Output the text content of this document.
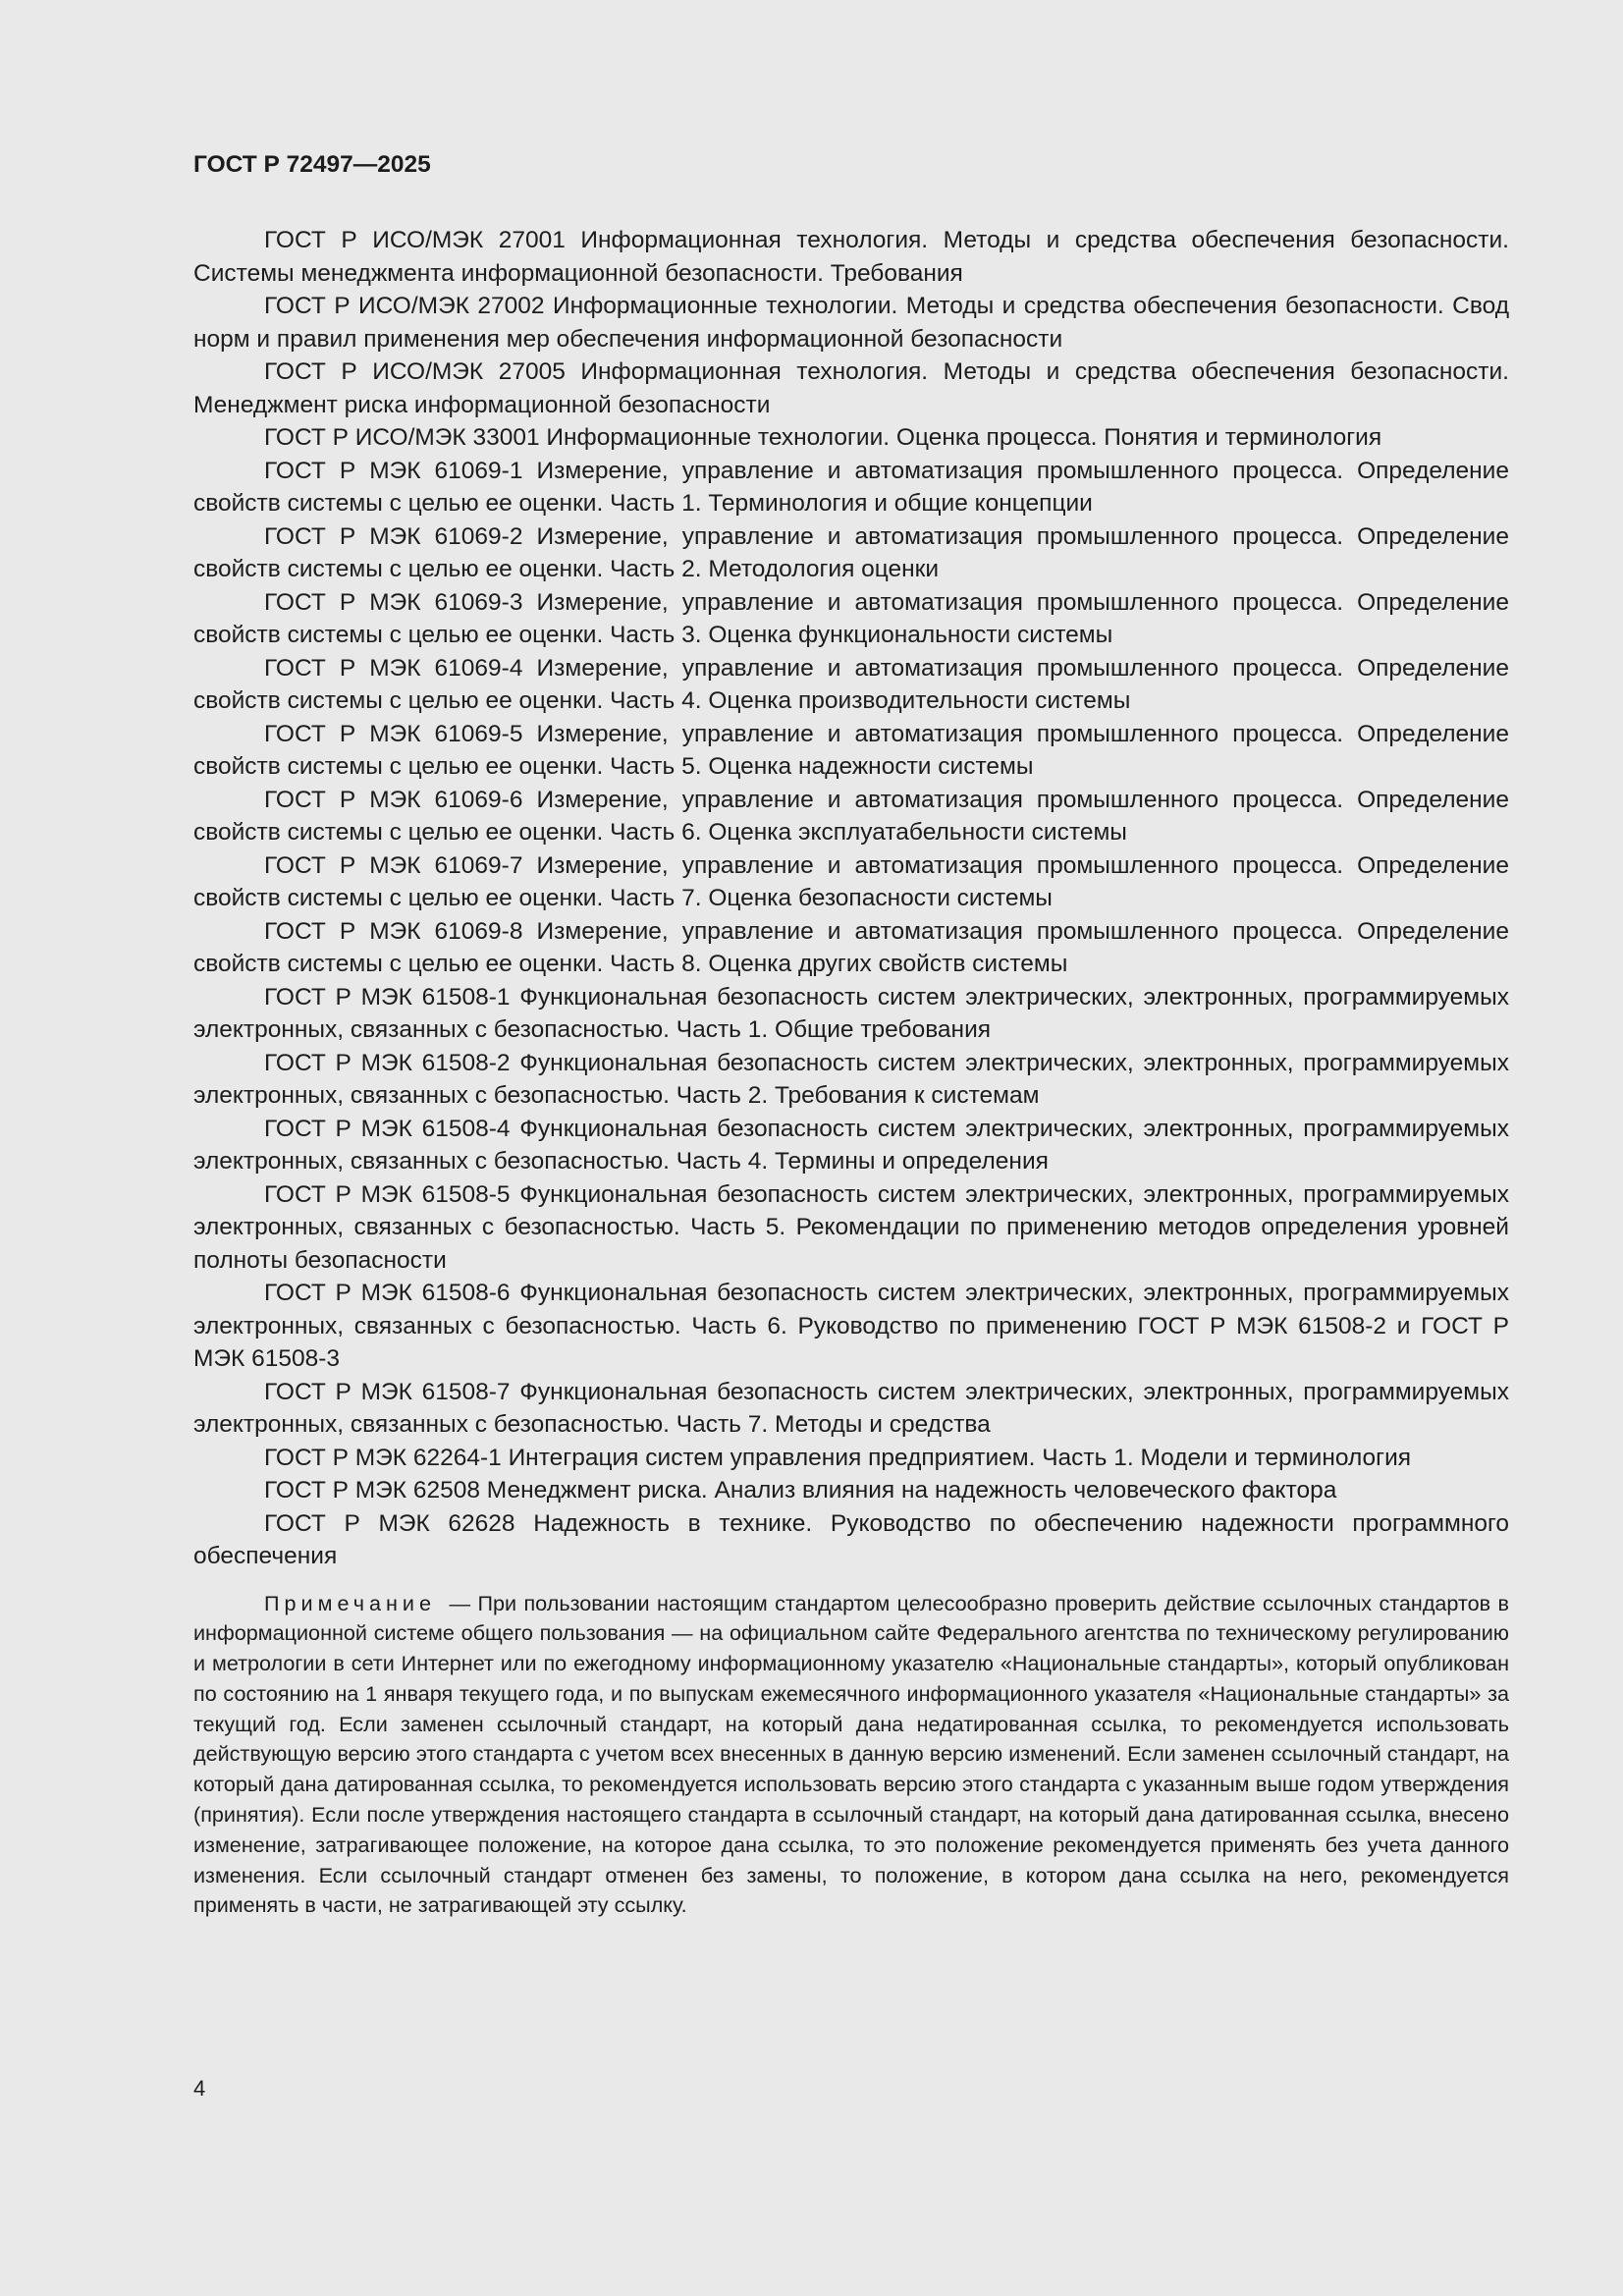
ГОСТ Р 72497—2025

ГОСТ Р ИСО/МЭК 27001 Информационная технология. Методы и средства обеспечения безопасности. Системы менеджмента информационной безопасности. Требования

ГОСТ Р ИСО/МЭК 27002 Информационные технологии. Методы и средства обеспечения безопасности. Свод норм и правил применения мер обеспечения информационной безопасности

ГОСТ Р ИСО/МЭК 27005 Информационная технология. Методы и средства обеспечения безопасности. Менеджмент риска информационной безопасности

ГОСТ Р ИСО/МЭК 33001 Информационные технологии. Оценка процесса. Понятия и терминология

ГОСТ Р МЭК 61069-1 Измерение, управление и автоматизация промышленного процесса. Определение свойств системы с целью ее оценки. Часть 1. Терминология и общие концепции

ГОСТ Р МЭК 61069-2 Измерение, управление и автоматизация промышленного процесса. Определение свойств системы с целью ее оценки. Часть 2. Методология оценки

ГОСТ Р МЭК 61069-3 Измерение, управление и автоматизация промышленного процесса. Определение свойств системы с целью ее оценки. Часть 3. Оценка функциональности системы

ГОСТ Р МЭК 61069-4 Измерение, управление и автоматизация промышленного процесса. Определение свойств системы с целью ее оценки. Часть 4. Оценка производительности системы

ГОСТ Р МЭК 61069-5 Измерение, управление и автоматизация промышленного процесса. Определение свойств системы с целью ее оценки. Часть 5. Оценка надежности системы

ГОСТ Р МЭК 61069-6 Измерение, управление и автоматизация промышленного процесса. Определение свойств системы с целью ее оценки. Часть 6. Оценка эксплуатабельности системы

ГОСТ Р МЭК 61069-7 Измерение, управление и автоматизация промышленного процесса. Определение свойств системы с целью ее оценки. Часть 7. Оценка безопасности системы

ГОСТ Р МЭК 61069-8 Измерение, управление и автоматизация промышленного процесса. Определение свойств системы с целью ее оценки. Часть 8. Оценка других свойств системы

ГОСТ Р МЭК 61508-1 Функциональная безопасность систем электрических, электронных, программируемых электронных, связанных с безопасностью. Часть 1. Общие требования

ГОСТ Р МЭК 61508-2 Функциональная безопасность систем электрических, электронных, программируемых электронных, связанных с безопасностью. Часть 2. Требования к системам

ГОСТ Р МЭК 61508-4 Функциональная безопасность систем электрических, электронных, программируемых электронных, связанных с безопасностью. Часть 4. Термины и определения

ГОСТ Р МЭК 61508-5 Функциональная безопасность систем электрических, электронных, программируемых электронных, связанных с безопасностью. Часть 5. Рекомендации по применению методов определения уровней полноты безопасности

ГОСТ Р МЭК 61508-6 Функциональная безопасность систем электрических, электронных, программируемых электронных, связанных с безопасностью. Часть 6. Руководство по применению ГОСТ Р МЭК 61508-2 и ГОСТ Р МЭК 61508-3

ГОСТ Р МЭК 61508-7 Функциональная безопасность систем электрических, электронных, программируемых электронных, связанных с безопасностью. Часть 7. Методы и средства

ГОСТ Р МЭК 62264-1 Интеграция систем управления предприятием. Часть 1. Модели и терминология

ГОСТ Р МЭК 62508 Менеджмент риска. Анализ влияния на надежность человеческого фактора

ГОСТ Р МЭК 62628 Надежность в технике. Руководство по обеспечению надежности программного обеспечения

Примечание — При пользовании настоящим стандартом целесообразно проверить действие ссылочных стандартов в информационной системе общего пользования — на официальном сайте Федерального агентства по техническому регулированию и метрологии в сети Интернет или по ежегодному информационному указателю «Национальные стандарты», который опубликован по состоянию на 1 января текущего года, и по выпускам ежемесячного информационного указателя «Национальные стандарты» за текущий год. Если заменен ссылочный стандарт, на который дана недатированная ссылка, то рекомендуется использовать действующую версию этого стандарта с учетом всех внесенных в данную версию изменений. Если заменен ссылочный стандарт, на который дана датированная ссылка, то рекомендуется использовать версию этого стандарта с указанным выше годом утверждения (принятия). Если после утверждения настоящего стандарта в ссылочный стандарт, на который дана датированная ссылка, внесено изменение, затрагивающее положение, на которое дана ссылка, то это положение рекомендуется применять без учета данного изменения. Если ссылочный стандарт отменен без замены, то положение, в котором дана ссылка на него, рекомендуется применять в части, не затрагивающей эту ссылку.

4
